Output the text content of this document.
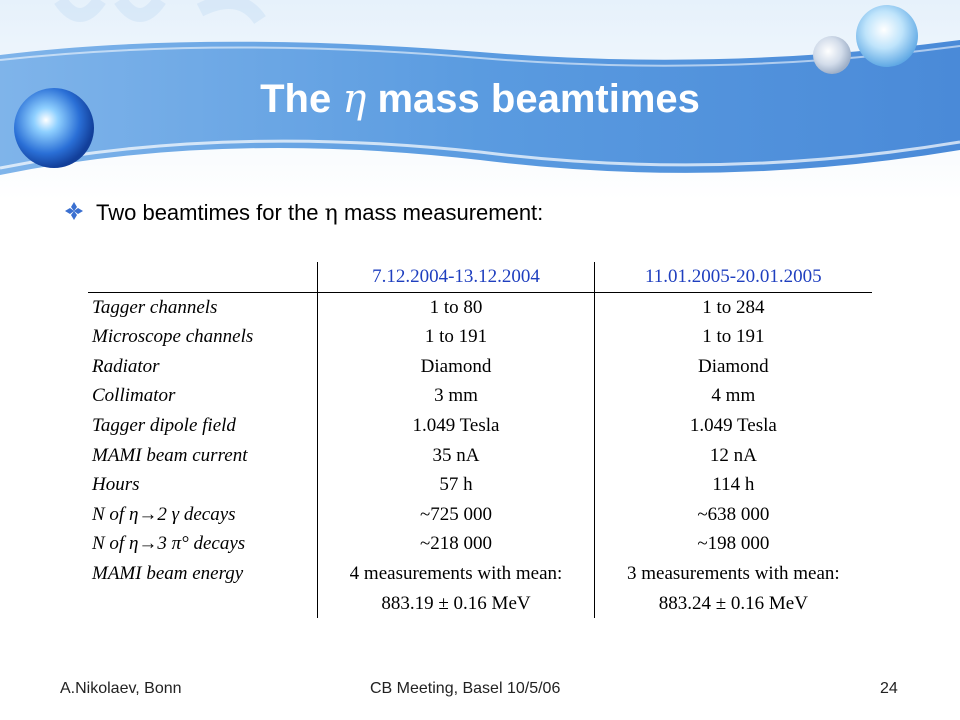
The η mass beamtimes
Two beamtimes for the η mass measurement:
	7.12.2004-13.12.2004	11.01.2005-20.01.2005
Tagger channels	1 to 80	1 to 284
Microscope channels	1 to 191	1 to 191
Radiator	Diamond	Diamond
Collimator	3 mm	4 mm
Tagger dipole field	1.049 Tesla	1.049 Tesla
MAMI beam current	35 nA	12 nA
Hours	57 h	114 h
N of η→2 γ decays	~725 000	~638 000
N of η→3 π° decays	~218 000	~198 000
MAMI beam energy	4 measurements with mean:	3 measurements with mean:
	883.19 ± 0.16 MeV	883.24 ± 0.16 MeV
A.Nikolaev, Bonn	CB Meeting, Basel 10/5/06	24
